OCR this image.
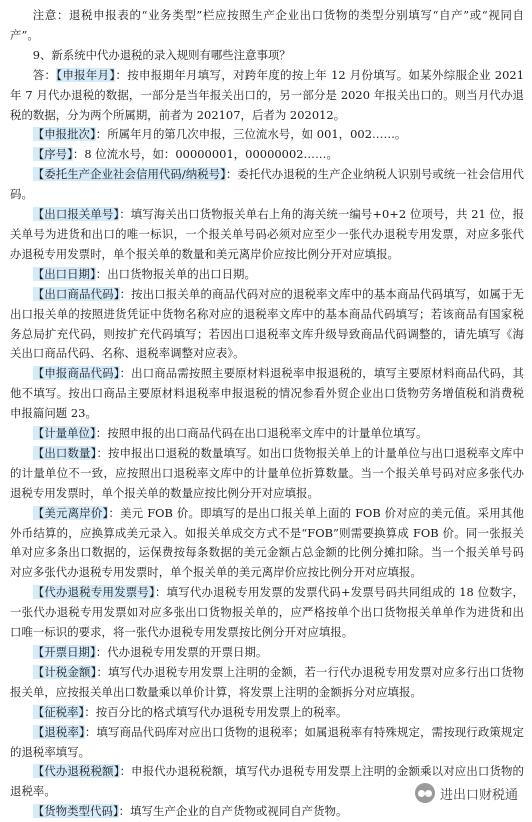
注意：退税申报表的“业务类型”栏应按照生产企业出口货物的类型分别填写“自产”或“视同自产”。

9、新系统中代办退税的录入规则有哪些注意事项？

答：【申报年月】：按申报期年月填写，对跨年度的按上年 12 月份填写。如某外综服企业 2021 年 7 月代办退税的数据，一部分是当年报关出口的，另一部分是 2020 年报关出口的。则当月代办退税的数据，分为两个所属期，前者为 202107，后者为 202012。

【申报批次】：所属年月的第几次申报，三位流水号，如 001，002……。

【序号】：8 位流水号，如：00000001，00000002……。

【委托生产企业社会信用代码/纳税号】：委托代办退税的生产企业纳税人识别号或统一社会信用代码。

【出口报关单号】：填写海关出口货物报关单右上角的海关统一编号+0+2 位项号，共 21 位，报关单号为进货和出口的唯一标识，一个报关单号码必须对应至少一张代办退税专用发票，对应多张代办退税专用发票时，单个报关单的数量和美元离岸价应按比例分开对应填报。

【出口日期】：出口货物报关单的出口日期。

【出口商品代码】：按出口报关单的商品代码对应的退税率文库中的基本商品代码填写，如属于无出口报关单的按照进货凭证中货物名称对应的退税率文库中的基本商品代码填写；若该商品有国家税务总局扩充代码，则按扩充代码填写；若因出口退税率文库升级导致商品代码调整的，请先填写《海关出口商品代码、名称、退税率调整对应表》。

【申报商品代码】：出口商品需按照主要原材料退税率申报退税的，填写主要原材料商品代码，其他不填写。按出口商品主要原材料退税率申报退税的情况参看外贸企业出口货物劳务增值税和消费税申报篇问题 23。

【计量单位】：按照申报的出口商品代码在出口退税率文库中的计量单位填写。

【出口数量】：按申报出口退税的数量填写。如出口货物报关单上的计量单位与出口退税率文库中的计量单位不一致，应按照出口退税率文库中的计量单位折算数量。当一个报关单号码对应多张代办退税专用发票时，单个报关单的数量应按比例分开对应填报。

【美元离岸价】：美元 FOB 价。即填写的是出口报关单上面的 FOB 价对应的美元值。采用其他外币结算的，应换算成美元录入。如报关单成交方式不是“FOB”则需要换算成 FOB 价。同一张报关单对应多条出口数据的，运保费按每条数据的美元金额占总金额的比例分摊扣除。当一个报关单号码对应多张代办退税专用发票时，单个报关单的美元离岸价应按比例分开对应填报。

【代办退税专用发票号】：填写代办退税专用发票的发票代码+发票号码共同组成的 18 位数字，一张代办退税专用发票如对应多张出口货物报关单的，应严格按单个出口货物报关单单作为进货和出口唯一标识的要求，将一张代办退税专用发票按比例分开对应填报。

【开票日期】：代办退税专用发票的开票日期。

【计税金额】：填写代办退税专用发票上注明的金额，若一行代办退税专用发票对应多行出口货物报关单，应按报关单出口数量乘以单价计算，将发票上注明的金额拆分对应填报。

【征税率】：按百分比的格式填写代办退税专用发票上的税率。

【退税率】：填写商品代码库对应出口货物的退税率；如属退税率有特殊规定，需按现行政策规定的退税率填写。

【代办退税税额】：申报代办退税税额，填写代办退税专用发票上注明的金额乘以对应出口货物的退税率。

【货物类型代码】：填写生产企业的自产货物或视同自产货物。

进出口财税通
